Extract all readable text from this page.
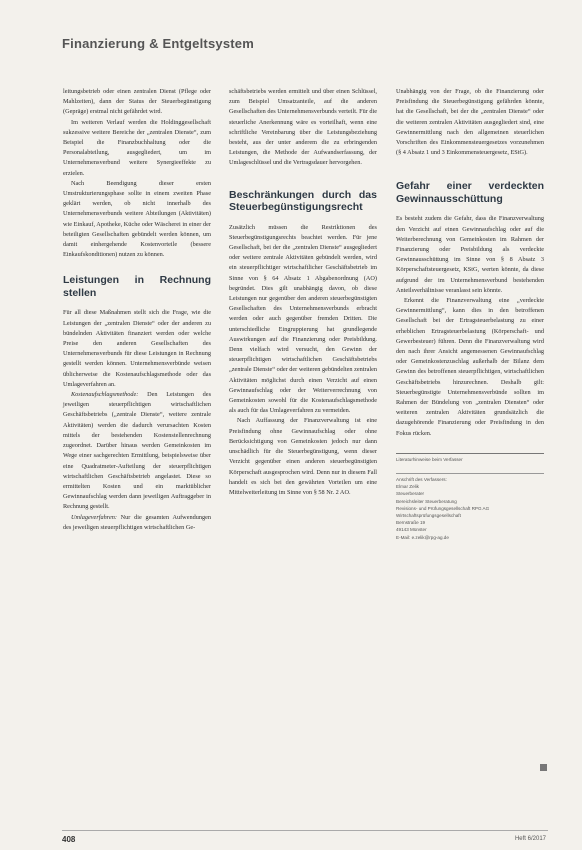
Finanzierung & Entgeltsystem

leitungsbetrieb oder einen zentralen Dienst (Pflege oder Mahlzeiten), dann der Status der Steuerbegünstigung (Gepräge) erstmal nicht gefährdet wird.

Im weiteren Verlauf werden die Holdinggesellschaft sukzessive weitere Bereiche der „zentralen Dienste“, zum Beispiel die Finanzbuchhaltung oder die Personalabteilung, ausgegliedert, um im Unternehmensverbund weitere Synergieeffekte zu erzielen.

Nach Beendigung dieser ersten Umstrukturierungsphase sollte in einem zweiten Phase geklärt werden, ob nicht innerhalb des Unternehmensverbunds weitere Abteilungen (Aktivitäten) wie Einkauf, Apotheke, Küche oder Wäscherei in einer der beteiligten Gesellschaften gebündelt werden können, um damit einhergehende Kostenvorteile (bessere Einkaufskonditionen) nutzen zu können.

Leistungen in Rechnung stellen

Für all diese Maßnahmen stellt sich die Frage, wie die Leistungen der „zentralen Dienste“ oder der anderen zu bündelnden Aktivitäten finanziert werden oder welche Preise den anderen Gesellschaften des Unternehmensverbunds für diese Leistungen in Rechnung gestellt werden können. Unternehmensverbünde weisen üblicherweise die Kostenaufschlagsmethode oder das Umlageverfahren an.

Kostenaufschlagsmethode: Den Leistungen des jeweiligen steuerpflichtigen wirtschaftlichen Geschäftsbetriebs („zentrale Dienste“, weitere zentrale Aktivitäten) werden die dadurch verursachten Kosten mittels der bestehenden Kostenstellenrechnung zugeordnet. Darüber hinaus werden Gemeinkosten im Wege einer sachgerechten Ermittlung, beispielsweise über eine Quadratmeter-Aufteilung der steuerpflichtigen wirtschaftlichen Geschäftsbetrieb angelastet. Diese so ermittelten Kosten und ein marktüblicher Gewinnaufschlag werden dann jeweiligen Auftraggeber in Rechnung gestellt.

Umlageverfahren: Nur die gesamten Aufwendungen des jeweiligen steuerpflichtigen wirtschaftlichen Ge-

schäftsbetriebs werden ermittelt und über einen Schlüssel, zum Beispiel Umsatzanteile, auf die anderen Gesellschaften des Unternehmensverbunds verteilt. Für die steuerliche Anerkennung wäre es vorteilhaft, wenn eine schriftliche Vereinbarung über die Leistungsbeziehung besteht, aus der unter anderem die zu erbringenden Leistungen, die Methode der Aufwandserfassung, der Umlageschlüssel und die Vertragsdauer hervorgehen.

Beschränkungen durch das Steuerbegünstigungsrecht

Zusätzlich müssen die Restriktionen des Steuerbegünstigungsrechts beachtet werden. Für jene Gesellschaft, bei der die „zentralen Dienste“ ausgegliedert oder weitere zentrale Aktivitäten gebündelt werden, wird ein steuerpflichtiger wirtschaftlicher Geschäftsbetrieb im Sinne von § 64 Absatz 1 Abgabenordnung (AO) begründet. Dies gilt unabhängig davon, ob diese Leistungen nur gegenüber den anderen steuerbegünstigten Gesellschaften des Unternehmensverbunds erbracht werden oder auch gegenüber fremden Dritten. Die unterschiedliche Eingruppierung hat grundlegende Auswirkungen auf die Finanzierung oder Preisbildung. Denn vielfach wird versucht, den Gewinn der steuerpflichtigen wirtschaftlichen Geschäftsbetriebs „zentrale Dienste“ oder der weiteren gebündelten zentralen Aktivitäten möglichst durch einen Verzicht auf einen Gewinnaufschlag oder der Weiterverrechnung von Gemeinkosten sowohl für die Kostenaufschlagsmethode als auch für das Umlageverfahren zu vermeiden.

Nach Auffassung der Finanzverwaltung ist eine Preisfindung ohne Gewinnaufschlag oder ohne Berücksichtigung von Gemeinkosten jedoch nur dann unschädlich für die Steuerbegünstigung, wenn dieser Verzicht gegenüber einen anderen steuerbegünstigten Körperschaft ausgesprochen wird. Denn nur in diesem Fall handelt es sich bei den gewährten Vorteilen um eine Mittelweiterleitung im Sinne von § 58 Nr. 2 AO.

Unabhängig von der Frage, ob die Finanzierung oder Preisfindung die Steuerbegünstigung gefährden könnte, hat die Gesellschaft, bei der die „zentralen Dienste“ oder die weiteren zentralen Aktivitäten ausgegliedert sind, eine Gewinnermittlung nach den allgemeinen steuerlichen Vorschriften des Einkommensteuergesetzes vorzunehmen (§ 4 Absatz 1 und 3 Einkommensteuergesetz, EStG).

Gefahr einer verdeckten Gewinnausschüttung

Es besteht zudem die Gefahr, dass die Finanzverwaltung den Verzicht auf einen Gewinnaufschlag oder auf die Weiterberechnung von Gemeinkosten im Rahmen der Finanzierung oder Preisbildung als verdeckte Gewinnausschüttung im Sinne von § 8 Absatz 3 Körperschaftsteuergesetz, KStG, werten könnte, da diese aufgrund der im Unternehmensverbund bestehenden Anteilsverhältnisse veranlasst sein könnte.

Erkennt die Finanzverwaltung eine „verdeckte Gewinnermittlung“, kann dies in den betroffenen Gesellschaft bei der Ertragsteuerbelastung zu einer erheblichen Ertragsteuerbelastung (Körperschaft- und Gewerbesteuer) führen. Denn die Finanzverwaltung wird den nach ihrer Ansicht angemessenen Gewinnaufschlag oder Gemeinkostenzuschlag außerhalb der Bilanz dem Gewinn des betroffenen steuerpflichtigen, wirtschaftlichen Geschäftsbetriebs hinzurechnen. Deshalb gilt: Steuerbegünstigte Unternehmensverbünde sollten im Rahmen der Bündelung von „zentralen Diensten“ oder weiteren zentralen Aktivitäten grundsätzlich die dazugehörende Finanzierung oder Preisfindung in den Fokus rücken.

Literaturhinweise beim Verfasser
Anschrift des Verfassers:
Elmar Zelik
Steuerberater
Bereichsleiter Steuerberatung
Revisions- und Prüfungsgesellschaft RPG AG
Wirtschaftsprüfungsgesellschaft
Bernstraße 19
49143 Münster
E-Mail: e.zelik@rpg-ag.de
408	Heft 6/2017
